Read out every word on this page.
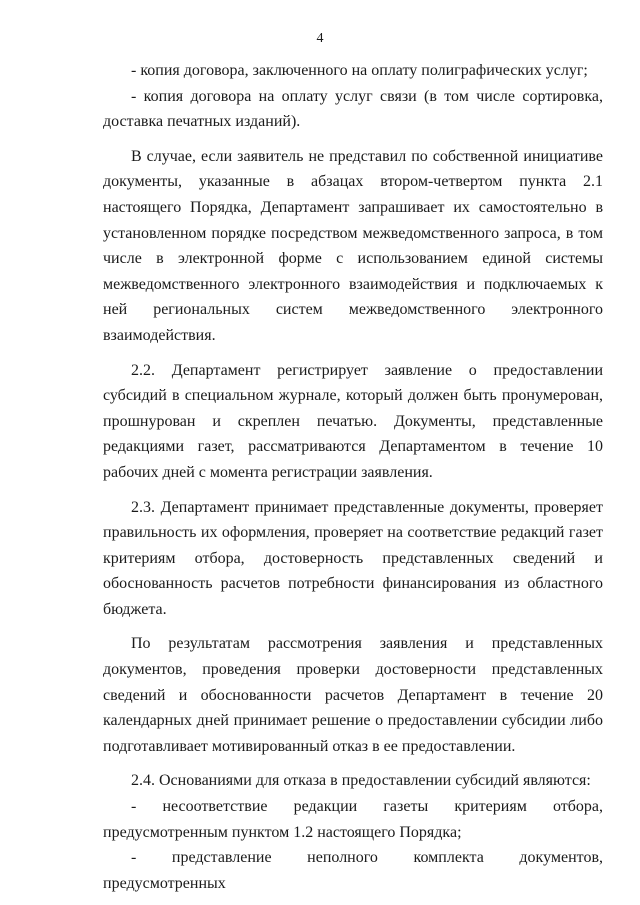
4

- копия договора, заключенного на оплату полиграфических услуг;

- копия договора на оплату услуг связи (в том числе сортировка, доставка печатных изданий).

В случае, если заявитель не представил по собственной инициативе документы, указанные в абзацах втором-четвертом пункта 2.1 настоящего Порядка, Департамент запрашивает их самостоятельно в установленном порядке посредством межведомственного запроса, в том числе в электронной форме с использованием единой системы межведомственного электронного взаимодействия и подключаемых к ней региональных систем межведомственного электронного взаимодействия.

2.2. Департамент регистрирует заявление о предоставлении субсидий в специальном журнале, который должен быть пронумерован, прошнурован и скреплен печатью. Документы, представленные редакциями газет, рассматриваются Департаментом в течение 10 рабочих дней с момента регистрации заявления.

2.3. Департамент принимает представленные документы, проверяет правильность их оформления, проверяет на соответствие редакций газет критериям отбора, достоверность представленных сведений и обоснованность расчетов потребности финансирования из областного бюджета.

По результатам рассмотрения заявления и представленных документов, проведения проверки достоверности представленных сведений и обоснованности расчетов Департамент в течение 20 календарных дней принимает решение о предоставлении субсидии либо подготавливает мотивированный отказ в ее предоставлении.

2.4. Основаниями для отказа в предоставлении субсидий являются:

- несоответствие редакции газеты критериям отбора, предусмотренным пунктом 1.2 настоящего Порядка;

- представление неполного комплекта документов, предусмотренных
